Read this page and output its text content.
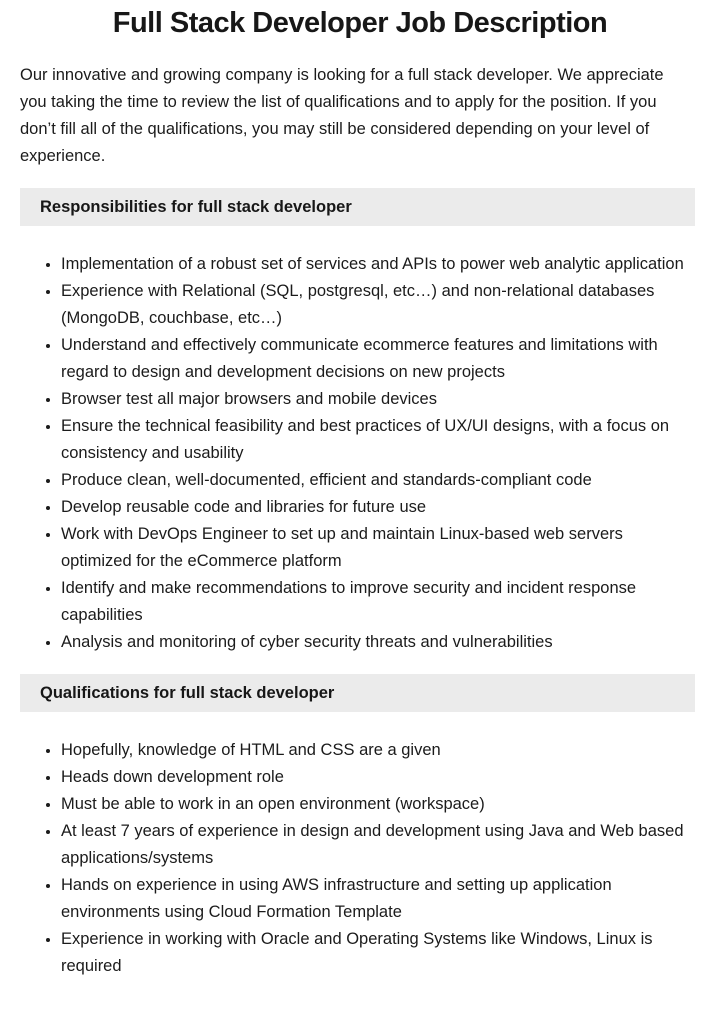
Full Stack Developer Job Description

Our innovative and growing company is looking for a full stack developer. We appreciate you taking the time to review the list of qualifications and to apply for the position. If you don’t fill all of the qualifications, you may still be considered depending on your level of experience.

Responsibilities for full stack developer
• Implementation of a robust set of services and APIs to power web analytic application
• Experience with Relational (SQL, postgresql, etc…) and non-relational databases (MongoDB, couchbase, etc…)
• Understand and effectively communicate ecommerce features and limitations with regard to design and development decisions on new projects
• Browser test all major browsers and mobile devices
• Ensure the technical feasibility and best practices of UX/UI designs, with a focus on consistency and usability
• Produce clean, well-documented, efficient and standards-compliant code
• Develop reusable code and libraries for future use
• Work with DevOps Engineer to set up and maintain Linux-based web servers optimized for the eCommerce platform
• Identify and make recommendations to improve security and incident response capabilities
• Analysis and monitoring of cyber security threats and vulnerabilities
Qualifications for full stack developer
• Hopefully, knowledge of HTML and CSS are a given
• Heads down development role
• Must be able to work in an open environment (workspace)
• At least 7 years of experience in design and development using Java and Web based applications/systems
• Hands on experience in using AWS infrastructure and setting up application environments using Cloud Formation Template
• Experience in working with Oracle and Operating Systems like Windows, Linux is required
